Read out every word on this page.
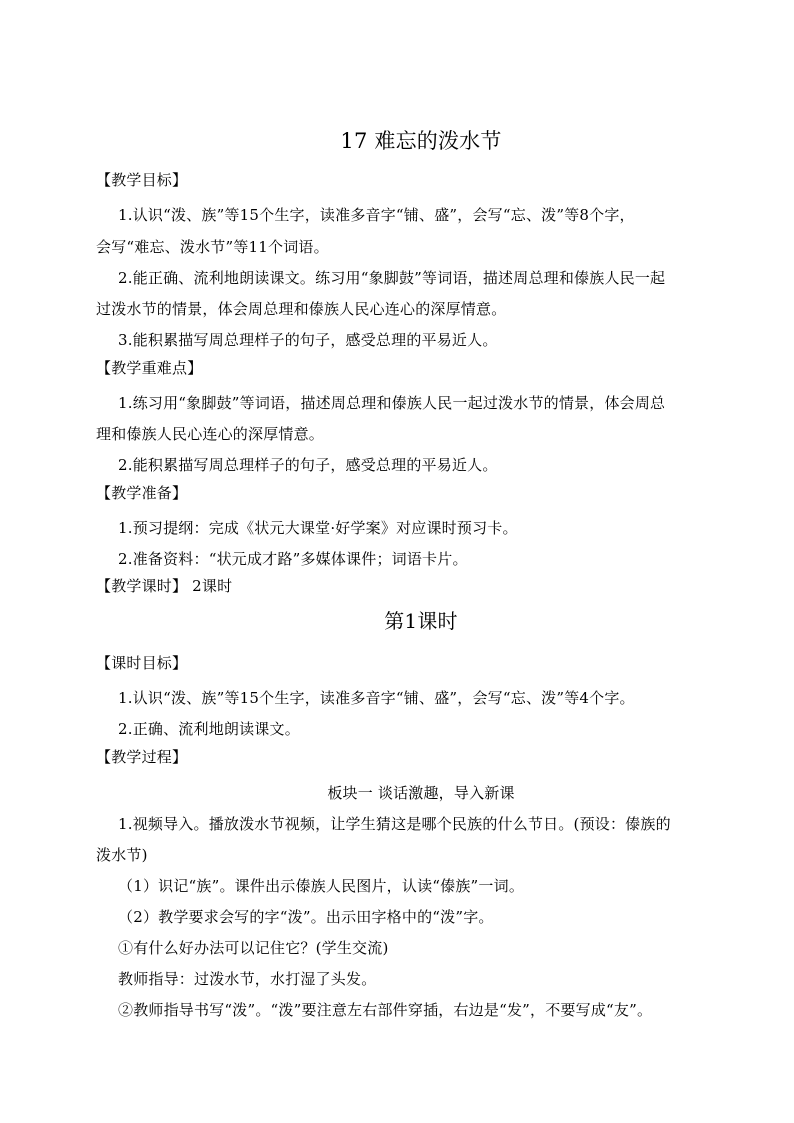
17 难忘的泼水节
【教学目标】
1.认识“泼、族”等15个生字，读准多音字“铺、盛”，会写“忘、泼”等8个字，
会写“难忘、泼水节”等11个词语。
2.能正确、流利地朗读课文。练习用“象脚鼓”等词语，描述周总理和傣族人民一起
过泼水节的情景，体会周总理和傣族人民心连心的深厚情意。
3.能积累描写周总理样子的句子，感受总理的平易近人。
【教学重难点】
1.练习用“象脚鼓”等词语，描述周总理和傣族人民一起过泼水节的情景，体会周总
理和傣族人民心连心的深厚情意。
2.能积累描写周总理样子的句子，感受总理的平易近人。
【教学准备】
1.预习提纲：完成《状元大课堂·好学案》对应课时预习卡。
2.准备资料：“状元成才路”多媒体课件；词语卡片。
【教学课时】 2课时
第1课时
【课时目标】
1.认识“泼、族”等15个生字，读准多音字“铺、盛”，会写“忘、泼”等4个字。
2.正确、流利地朗读课文。
【教学过程】
板块一 谈话激趣，导入新课
1.视频导入。播放泼水节视频，让学生猜这是哪个民族的什么节日。(预设：傣族的
泼水节)
（1）识记“族”。课件出示傣族人民图片，认读“傣族”一词。
（2）教学要求会写的字“泼”。出示田字格中的“泼”字。
①有什么好办法可以记住它？(学生交流)
教师指导：过泼水节，水打湿了头发。
②教师指导书写“泼”。“泼”要注意左右部件穿插，右边是“发”，不要写成“友”。
